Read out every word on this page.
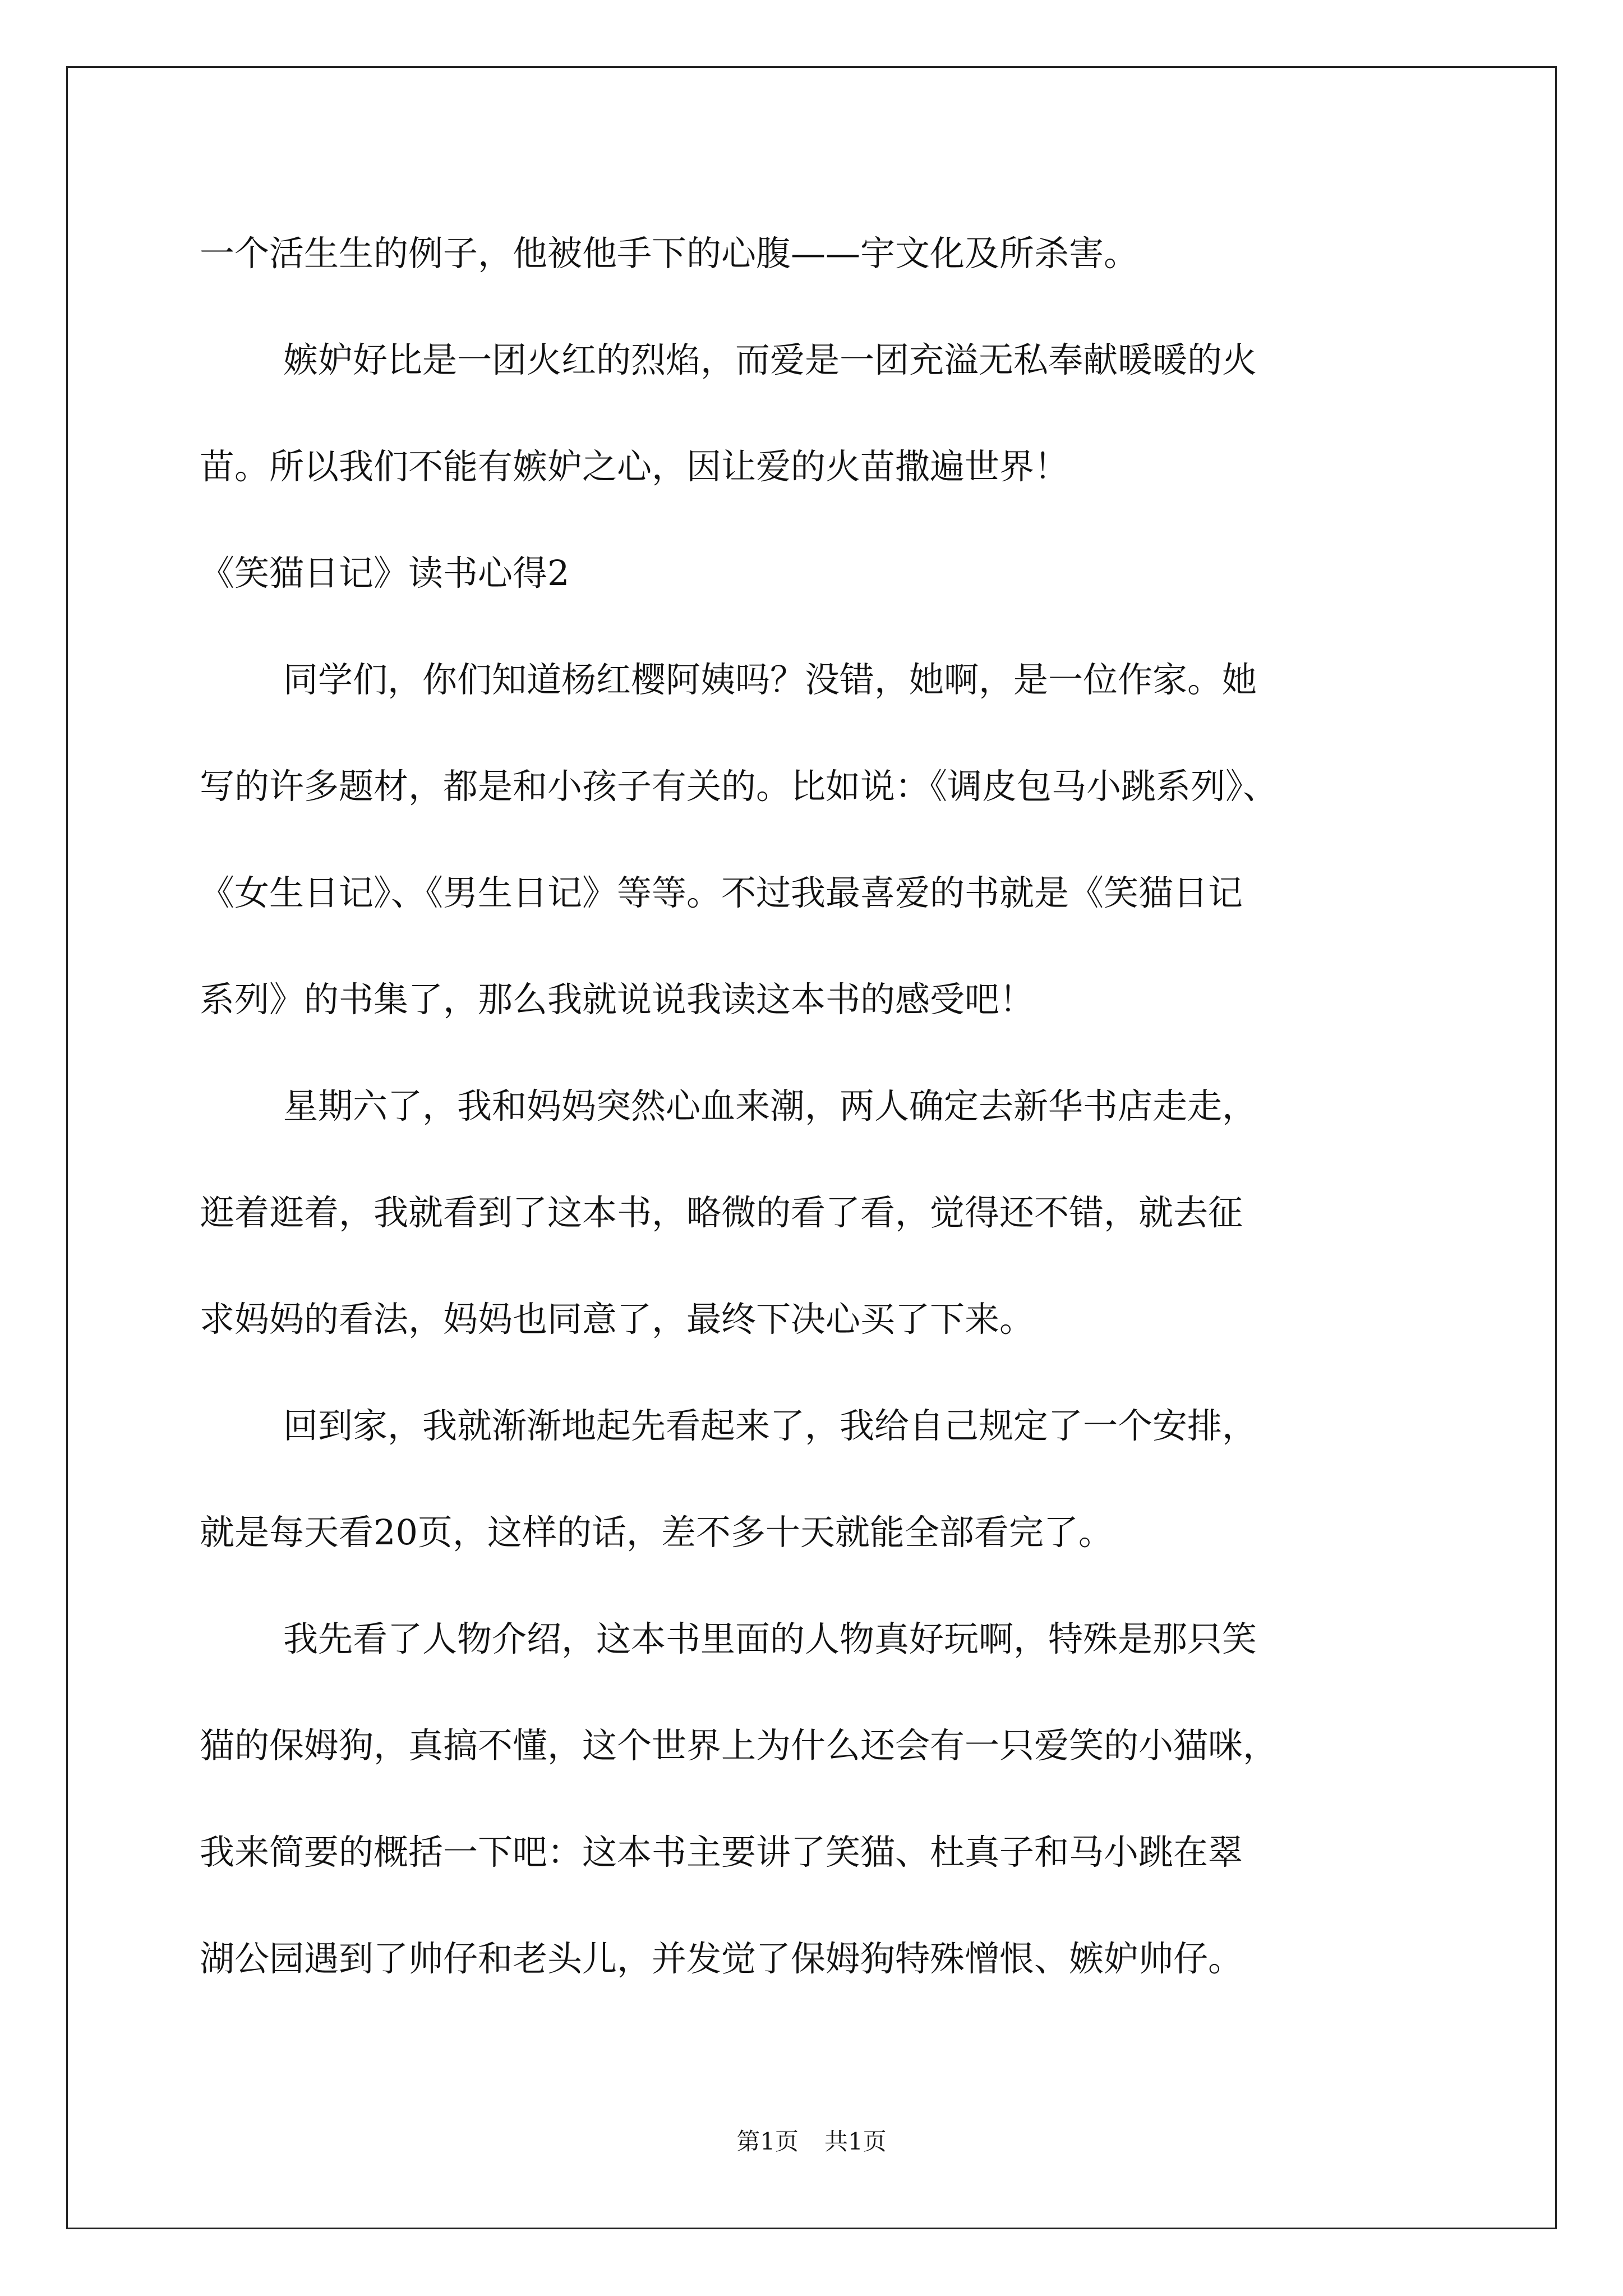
一个活生生的例子，他被他手下的心腹——宇文化及所杀害。
嫉妒好比是一团火红的烈焰，而爱是一团充溢无私奉献暖暖的火
苗。所以我们不能有嫉妒之心，因让爱的火苗撒遍世界！
《笑猫日记》读书心得2
同学们，你们知道杨红樱阿姨吗？没错，她啊，是一位作家。她
写的许多题材，都是和小孩子有关的。比如说：《调皮包马小跳系列》、
《女生日记》、《男生日记》等等。不过我最喜爱的书就是《笑猫日记
系列》的书集了，那么我就说说我读这本书的感受吧！
星期六了，我和妈妈突然心血来潮，两人确定去新华书店走走，
逛着逛着，我就看到了这本书，略微的看了看，觉得还不错，就去征
求妈妈的看法，妈妈也同意了，最终下决心买了下来。
回到家，我就渐渐地起先看起来了，我给自己规定了一个安排，
就是每天看20页，这样的话，差不多十天就能全部看完了。
我先看了人物介绍，这本书里面的人物真好玩啊，特殊是那只笑
猫的保姆狗，真搞不懂，这个世界上为什么还会有一只爱笑的小猫咪，
我来简要的概括一下吧：这本书主要讲了笑猫、杜真子和马小跳在翠
湖公园遇到了帅仔和老头儿，并发觉了保姆狗特殊憎恨、嫉妒帅仔。
第1页 共1页
